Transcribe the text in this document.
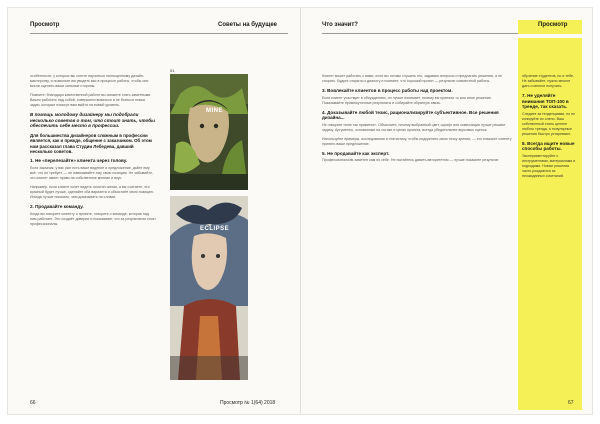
Просмотр	Советы на будущее	Что значит?	Просмотр

особенности, у которых вы хотите научиться полноценному дизайн-мастерству, и позвольте им увидеть вас в процессе работы, чтобы они могли оценить ваши сильные стороны.

Помните: благодаря качественной работе вы сможете стать заметными. Важно работать над собой, совершенствоваться и не бояться новых задач, которые помогут вам выйти на новый уровень.

В помощь молодому дизайнеру мы подобрали несколько советов о том, что стоит знать, чтобы обеспечить себе место в профессии.
Для большинства дизайнеров сложным в профессии является, как и прежде, общение с заказчиком. Об этом нам рассказал глава Студии Лебедева, давший несколько советов.
1. Не «перелезайте» клиента через голову.

Если заказчик, у вас уже есть ваше видение и предложение, дайте ему всё, что он требует, — не навязывайте ему свою позицию. Не забывайте, что клиент имеет право на собственное мнение и вкус.

Например, если клиент хочет видеть логотип синим, а вы считаете, что красный будет лучше, сделайте оба варианта и объясните свою позицию. Иногда лучше показать, чем доказывать на словах.

2. Продавайте команду.

Когда вы говорите клиенту о проекте, говорите о команде, которая над ним работает. Это создаёт доверие и показывает, что за результатом стоят профессионалы.

01
MINE
ECLIPSE

Клиент может работать с вами, если вы готовы слушать его, задавать вопросы и предлагать решения, а не спорить. Будьте открыты к диалогу и помните, что хороший проект — результат совместной работы.

3. Вовлекайте клиентов в процесс работы над проектом.

Если клиент участвует в обсуждениях, он лучше понимает, почему вы приняли то или иное решение. Показывайте промежуточные результаты и собирайте обратную связь.

4. Доказывайте любой тезис, рационализируйте субъективное. Все решения дизайна...

Не говорите «мне так нравится». Объясните, почему выбранный цвет, шрифт или композиция лучше решают задачу. Аргументы, основанные на логике и целях проекта, всегда убедительнее вкусовых оценок.

Используйте примеры, исследования и статистику, чтобы подкрепить свою точку зрения, — это поможет клиенту принять ваше предложение.

5. Не продавайте как эксперт.

Профессионализм заметен сам по себе. Не пытайтесь давить авторитетом — лучше покажите результат.

обучение студентов, но и тебе. Не забывайте, нужно многое дать и многое получить.

7. Не уделяйте внимания ТОП-100 в тренде, так сказать.

Следите за тенденциями, но не копируйте их слепо. Ваш собственный стиль ценнее любого тренда, а популярные решения быстро устаревают.

8. Всегда ищите новые способы работы.

Экспериментируйте с инструментами, материалами и подходами. Новые решения часто рождаются из неожиданных сочетаний.

66	Просмотр № 1(64) 2018	67
